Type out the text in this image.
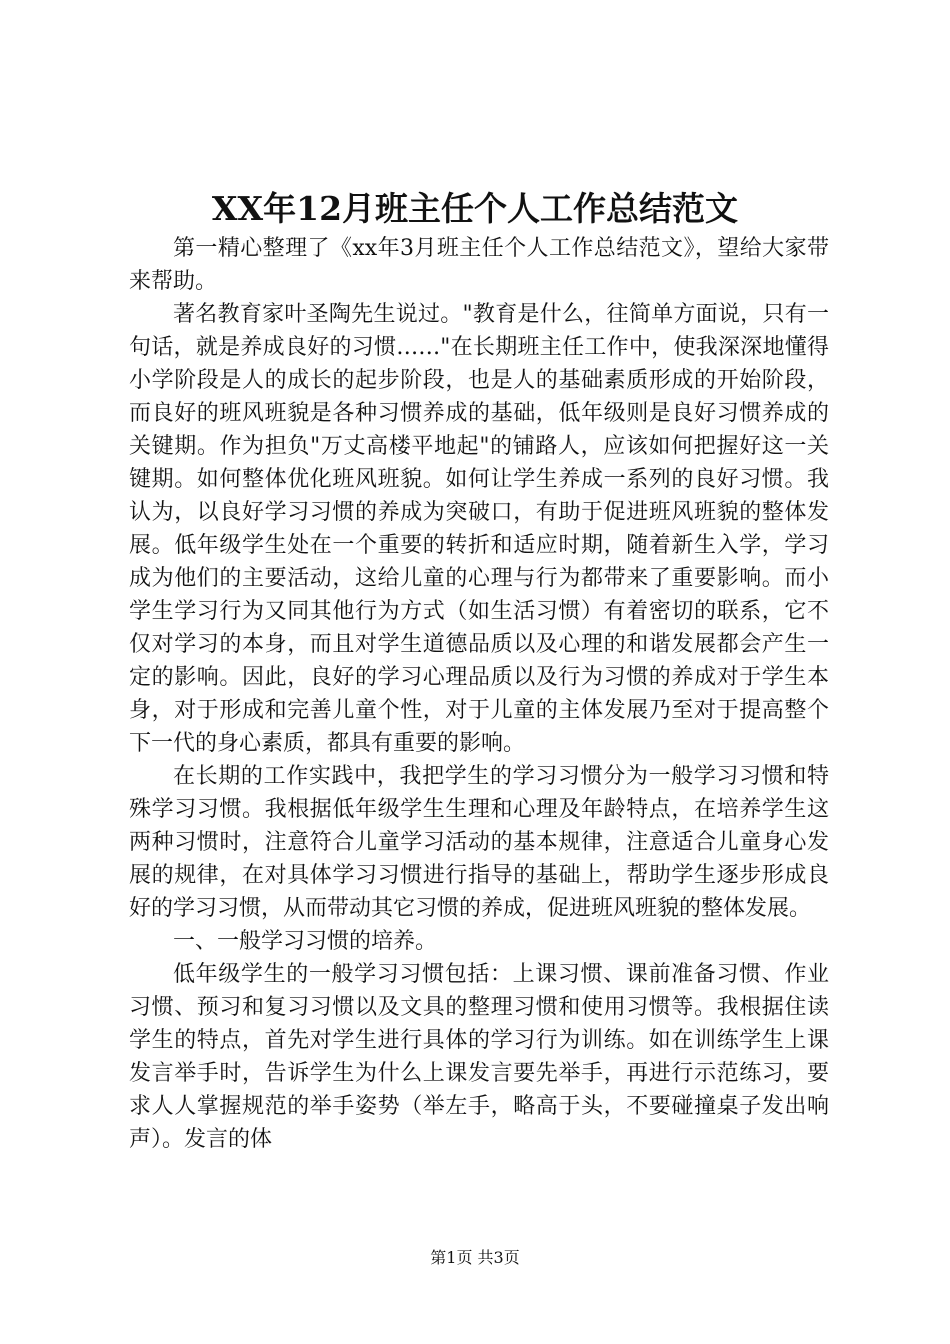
XX年12月班主任个人工作总结范文

第一精心整理了《xx年3月班主任个人工作总结范文》，望给大家带来帮助。

著名教育家叶圣陶先生说过。"教育是什么，往简单方面说，只有一句话，就是养成良好的习惯……"在长期班主任工作中，使我深深地懂得小学阶段是人的成长的起步阶段，也是人的基础素质形成的开始阶段，而良好的班风班貌是各种习惯养成的基础，低年级则是良好习惯养成的关键期。作为担负"万丈高楼平地起"的铺路人，应该如何把握好这一关键期。如何整体优化班风班貌。如何让学生养成一系列的良好习惯。我认为，以良好学习习惯的养成为突破口，有助于促进班风班貌的整体发展。低年级学生处在一个重要的转折和适应时期，随着新生入学，学习成为他们的主要活动，这给儿童的心理与行为都带来了重要影响。而小学生学习行为又同其他行为方式（如生活习惯）有着密切的联系，它不仅对学习的本身，而且对学生道德品质以及心理的和谐发展都会产生一定的影响。因此，良好的学习心理品质以及行为习惯的养成对于学生本身，对于形成和完善儿童个性，对于儿童的主体发展乃至对于提高整个下一代的身心素质，都具有重要的影响。

在长期的工作实践中，我把学生的学习习惯分为一般学习习惯和特殊学习习惯。我根据低年级学生生理和心理及年龄特点，在培养学生这两种习惯时，注意符合儿童学习活动的基本规律，注意适合儿童身心发展的规律，在对具体学习习惯进行指导的基础上，帮助学生逐步形成良好的学习习惯，从而带动其它习惯的养成，促进班风班貌的整体发展。

一、一般学习习惯的培养。

低年级学生的一般学习习惯包括：上课习惯、课前准备习惯、作业习惯、预习和复习习惯以及文具的整理习惯和使用习惯等。我根据住读学生的特点，首先对学生进行具体的学习行为训练。如在训练学生上课发言举手时，告诉学生为什么上课发言要先举手，再进行示范练习，要求人人掌握规范的举手姿势（举左手，略高于头，不要碰撞桌子发出响声）。发言的体

第1页 共3页
